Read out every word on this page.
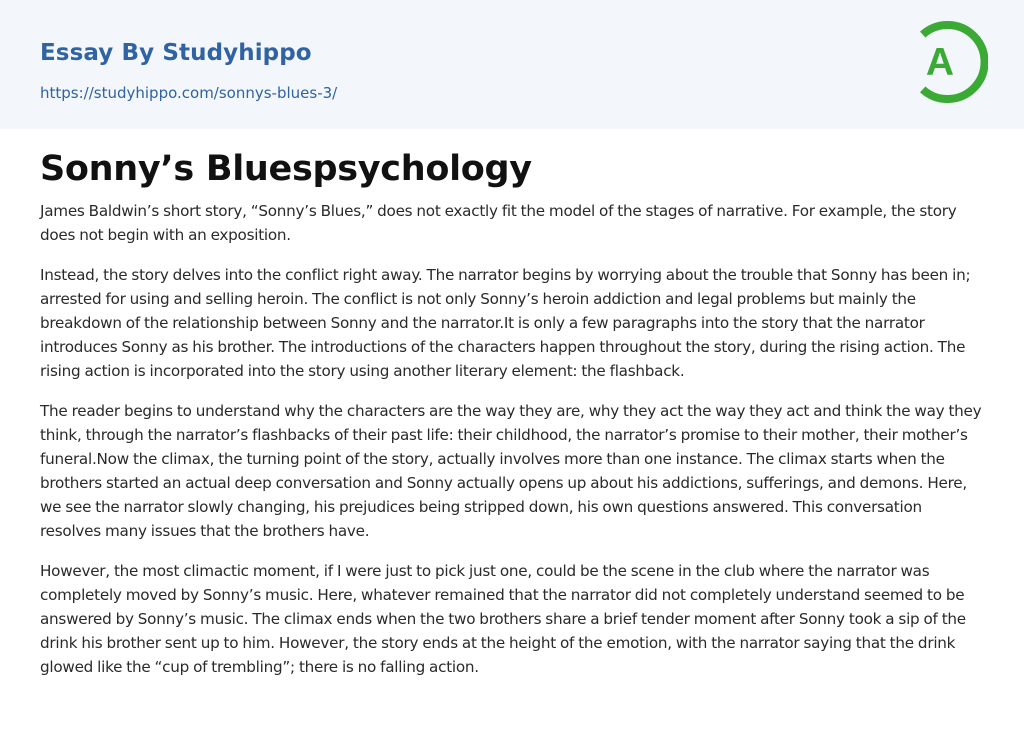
Essay By Studyhippo
https://studyhippo.com/sonnys-blues-3/
A
Sonny’s Bluespsychology

James Baldwin’s short story, “Sonny’s Blues,” does not exactly fit the model of the stages of narrative. For example, the story does not begin with an exposition.

Instead, the story delves into the conflict right away. The narrator begins by worrying about the trouble that Sonny has been in; arrested for using and selling heroin. The conflict is not only Sonny’s heroin addiction and legal problems but mainly the breakdown of the relationship between Sonny and the narrator.It is only a few paragraphs into the story that the narrator introduces Sonny as his brother. The introductions of the characters happen throughout the story, during the rising action. The rising action is incorporated into the story using another literary element: the flashback.

The reader begins to understand why the characters are the way they are, why they act the way they act and think the way they think, through the narrator’s flashbacks of their past life: their childhood, the narrator’s promise to their mother, their mother’s funeral.Now the climax, the turning point of the story, actually involves more than one instance. The climax starts when the brothers started an actual deep conversation and Sonny actually opens up about his addictions, sufferings, and demons. Here, we see the narrator slowly changing, his prejudices being stripped down, his own questions answered. This conversation resolves many issues that the brothers have.

However, the most climactic moment, if I were just to pick just one, could be the scene in the club where the narrator was completely moved by Sonny’s music. Here, whatever remained that the narrator did not completely understand seemed to be answered by Sonny’s music. The climax ends when the two brothers share a brief tender moment after Sonny took a sip of the drink his brother sent up to him. However, the story ends at the height of the emotion, with the narrator saying that the drink glowed like the “cup of trembling”; there is no falling action.
